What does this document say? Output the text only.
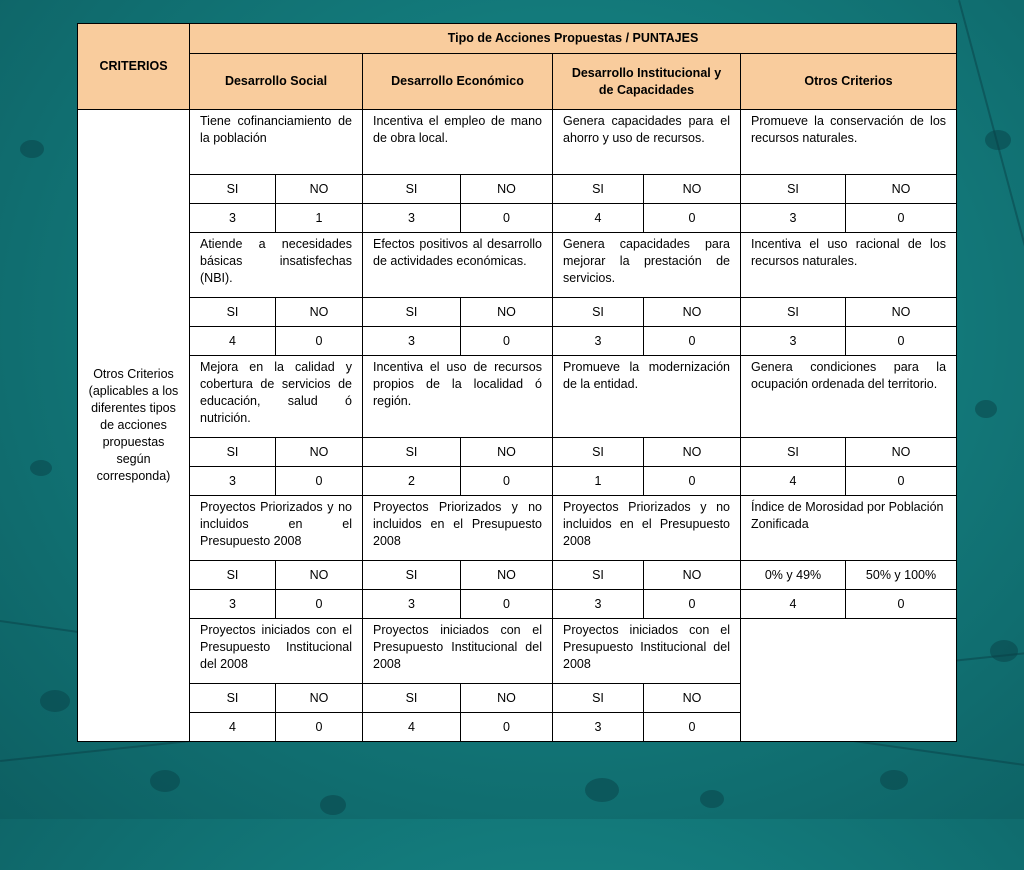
CRITERIOS	Tipo de Acciones Propuestas / PUNTAJES							
	Desarrollo Social		Desarrollo Económico		Desarrollo Institucional y de Capacidades		Otros Criterios	
Otros Criterios (aplicables a los diferentes tipos de acciones propuestas según corresponda)	Tiene cofinanciamiento de la población		Incentiva el empleo de mano de obra local.		Genera capacidades para el ahorro y uso de recursos.		Promueve la conservación de los recursos naturales.	
	SI	NO	SI	NO	SI	NO	SI	NO
	3	1	3	0	4	0	3	0
	Atiende a necesidades básicas insatisfechas (NBI).		Efectos positivos al desarrollo de actividades económicas.		Genera capacidades para mejorar la prestación de servicios.		Incentiva el uso racional de los recursos naturales.	
	SI	NO	SI	NO	SI	NO	SI	NO
	4	0	3	0	3	0	3	0
	Mejora en la calidad y cobertura de servicios de educación, salud ó nutrición.		Incentiva el uso de recursos propios de la localidad ó región.		Promueve la modernización de la entidad.		Genera condiciones para la ocupación ordenada del territorio.	
	SI	NO	SI	NO	SI	NO	SI	NO
	3	0	2	0	1	0	4	0
	Proyectos Priorizados y no incluidos en el Presupuesto 2008		Proyectos Priorizados y no incluidos en el Presupuesto 2008		Proyectos Priorizados y no incluidos en el Presupuesto 2008		Índice de Morosidad por Población Zonificada	
	SI	NO	SI	NO	SI	NO	0% y 49%	50% y 100%
	3	0	3	0	3	0	4	0
	Proyectos iniciados con el Presupuesto Institucional del 2008		Proyectos iniciados con el Presupuesto Institucional del 2008		Proyectos iniciados con el Presupuesto Institucional del 2008			
	SI	NO	SI	NO	SI	NO		
	4	0	4	0	3	0		
